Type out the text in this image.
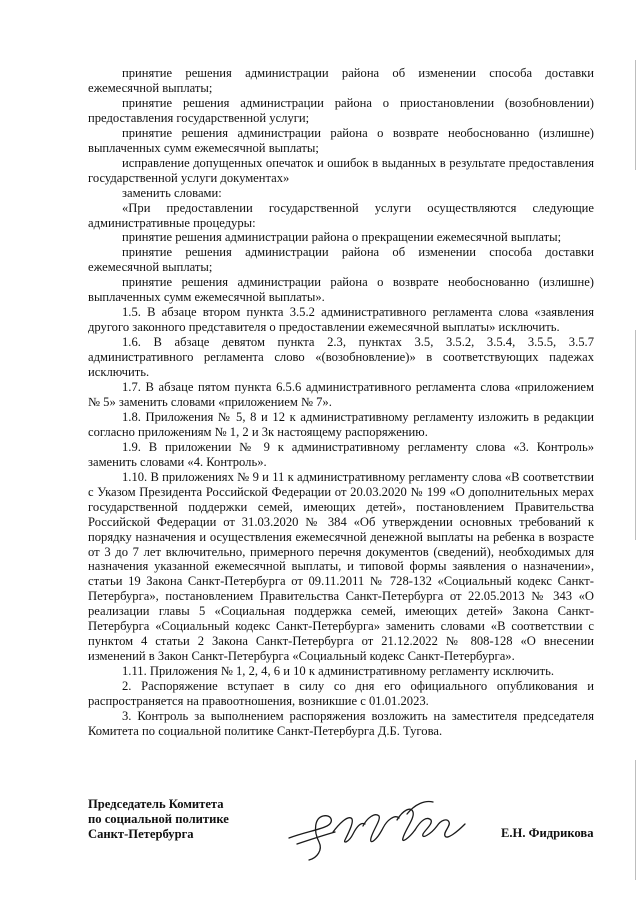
принятие решения администрации района об изменении способа доставки ежемесячной выплаты;

принятие решения администрации района о приостановлении (возобновлении) предоставления государственной услуги;

принятие решения администрации района о возврате необоснованно (излишне) выплаченных сумм ежемесячной выплаты;

исправление допущенных опечаток и ошибок в выданных в результате предоставления государственной услуги документах»

заменить словами:

«При предоставлении государственной услуги осуществляются следующие административные процедуры:

принятие решения администрации района о прекращении ежемесячной выплаты;

принятие решения администрации района об изменении способа доставки ежемесячной выплаты;

принятие решения администрации района о возврате необоснованно (излишне) выплаченных сумм ежемесячной выплаты».

1.5. В абзаце втором пункта 3.5.2 административного регламента слова «заявления другого законного представителя о предоставлении ежемесячной выплаты» исключить.

1.6. В абзаце девятом пункта 2.3, пунктах 3.5, 3.5.2, 3.5.4, 3.5.5, 3.5.7 административного регламента слово «(возобновление)» в соответствующих падежах исключить.

1.7. В абзаце пятом пункта 6.5.6 административного регламента слова «приложением № 5» заменить словами «приложением № 7».

1.8. Приложения № 5, 8 и 12 к административному регламенту изложить в редакции согласно приложениям № 1, 2 и 3к настоящему распоряжению.

1.9. В приложении № 9 к административному регламенту слова «3. Контроль» заменить словами «4. Контроль».

1.10. В приложениях № 9 и 11 к административному регламенту слова «В соответствии с Указом Президента Российской Федерации от 20.03.2020 № 199 «О дополнительных мерах государственной поддержки семей, имеющих детей», постановлением Правительства Российской Федерации от 31.03.2020 № 384 «Об утверждении основных требований к порядку назначения и осуществления ежемесячной денежной выплаты на ребенка в возрасте от 3 до 7 лет включительно, примерного перечня документов (сведений), необходимых для назначения указанной ежемесячной выплаты, и типовой формы заявления о назначении», статьи 19 Закона Санкт-Петербурга от 09.11.2011 № 728-132 «Социальный кодекс Санкт-Петербурга», постановлением Правительства Санкт-Петербурга от 22.05.2013 № 343 «О реализации главы 5 «Социальная поддержка семей, имеющих детей» Закона Санкт-Петербурга «Социальный кодекс Санкт-Петербурга» заменить словами «В соответствии с пунктом 4 статьи 2 Закона Санкт-Петербурга от 21.12.2022 № 808-128 «О внесении изменений в Закон Санкт-Петербурга «Социальный кодекс Санкт-Петербурга».

1.11. Приложения № 1, 2, 4, 6 и 10 к административному регламенту исключить.

2. Распоряжение вступает в силу со дня его официального опубликования и распространяется на правоотношения, возникшие с 01.01.2023.

3. Контроль за выполнением распоряжения возложить на заместителя председателя Комитета по социальной политике Санкт-Петербурга Д.Б. Тугова.

Председатель Комитета
по социальной политике
Санкт-Петербурга	Е.Н. Фидрикова
